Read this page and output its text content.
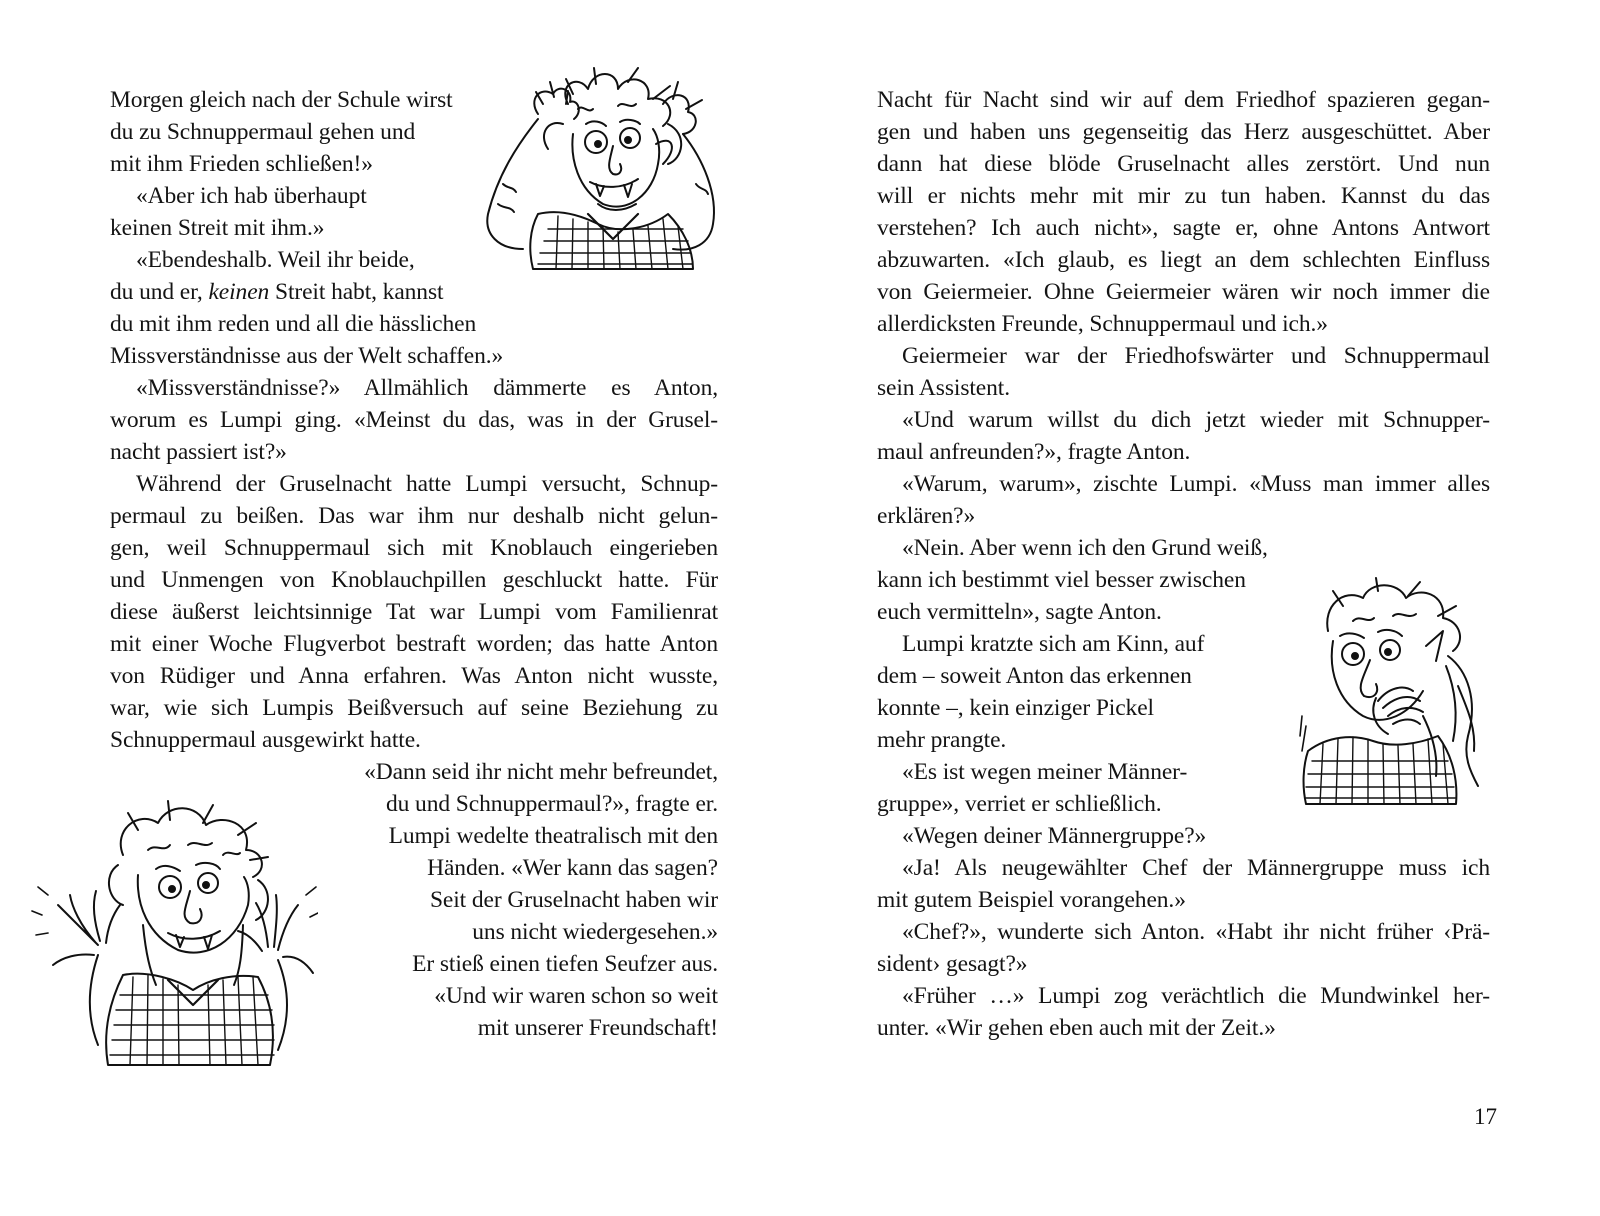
Morgen gleich nach der Schule wirst

du zu Schnuppermaul gehen und

mit ihm Frieden schließen!»

«Aber ich hab überhaupt

keinen Streit mit ihm.»

«Ebendeshalb. Weil ihr beide,

du und er, keinen Streit habt, kannst

du mit ihm reden und all die hässlichen

Missverständnisse aus der Welt schaffen.»

«Missverständnisse?» Allmählich dämmerte es Anton,

worum es Lumpi ging. «Meinst du das, was in der Grusel-

nacht passiert ist?»

Während der Gruselnacht hatte Lumpi versucht, Schnup-

permaul zu beißen. Das war ihm nur deshalb nicht gelun-

gen, weil Schnuppermaul sich mit Knoblauch eingerieben

und Unmengen von Knoblauchpillen geschluckt hatte. Für

diese äußerst leichtsinnige Tat war Lumpi vom Familienrat

mit einer Woche Flugverbot bestraft worden; das hatte Anton

von Rüdiger und Anna erfahren. Was Anton nicht wusste,

war, wie sich Lumpis Beißversuch auf seine Beziehung zu

Schnuppermaul ausgewirkt hatte.

«Dann seid ihr nicht mehr befreundet,

du und Schnuppermaul?», fragte er.

Lumpi wedelte theatralisch mit den

Händen. «Wer kann das sagen?

Seit der Gruselnacht haben wir

uns nicht wiedergesehen.»

Er stieß einen tiefen Seufzer aus.

«Und wir waren schon so weit

mit unserer Freundschaft!

Nacht für Nacht sind wir auf dem Friedhof spazieren gegan-

gen und haben uns gegenseitig das Herz ausgeschüttet. Aber

dann hat diese blöde Gruselnacht alles zerstört. Und nun

will er nichts mehr mit mir zu tun haben. Kannst du das

verstehen? Ich auch nicht», sagte er, ohne Antons Antwort

abzuwarten. «Ich glaub, es liegt an dem schlechten Einfluss

von Geiermeier. Ohne Geiermeier wären wir noch immer die

allerdicksten Freunde, Schnuppermaul und ich.»

Geiermeier war der Friedhofswärter und Schnuppermaul

sein Assistent.

«Und warum willst du dich jetzt wieder mit Schnupper-

maul anfreunden?», fragte Anton.

«Warum, warum», zischte Lumpi. «Muss man immer alles

erklären?»

«Nein. Aber wenn ich den Grund weiß,

kann ich bestimmt viel besser zwischen

euch vermitteln», sagte Anton.

Lumpi kratzte sich am Kinn, auf

dem – soweit Anton das erkennen

konnte –, kein einziger Pickel

mehr prangte.

«Es ist wegen meiner Männer-

gruppe», verriet er schließlich.

«Wegen deiner Männergruppe?»

«Ja! Als neugewählter Chef der Männergruppe muss ich

mit gutem Beispiel vorangehen.»

«Chef?», wunderte sich Anton. «Habt ihr nicht früher ‹Prä-

sident› gesagt?»

«Früher …» Lumpi zog verächtlich die Mundwinkel her-

unter. «Wir gehen eben auch mit der Zeit.»

17
